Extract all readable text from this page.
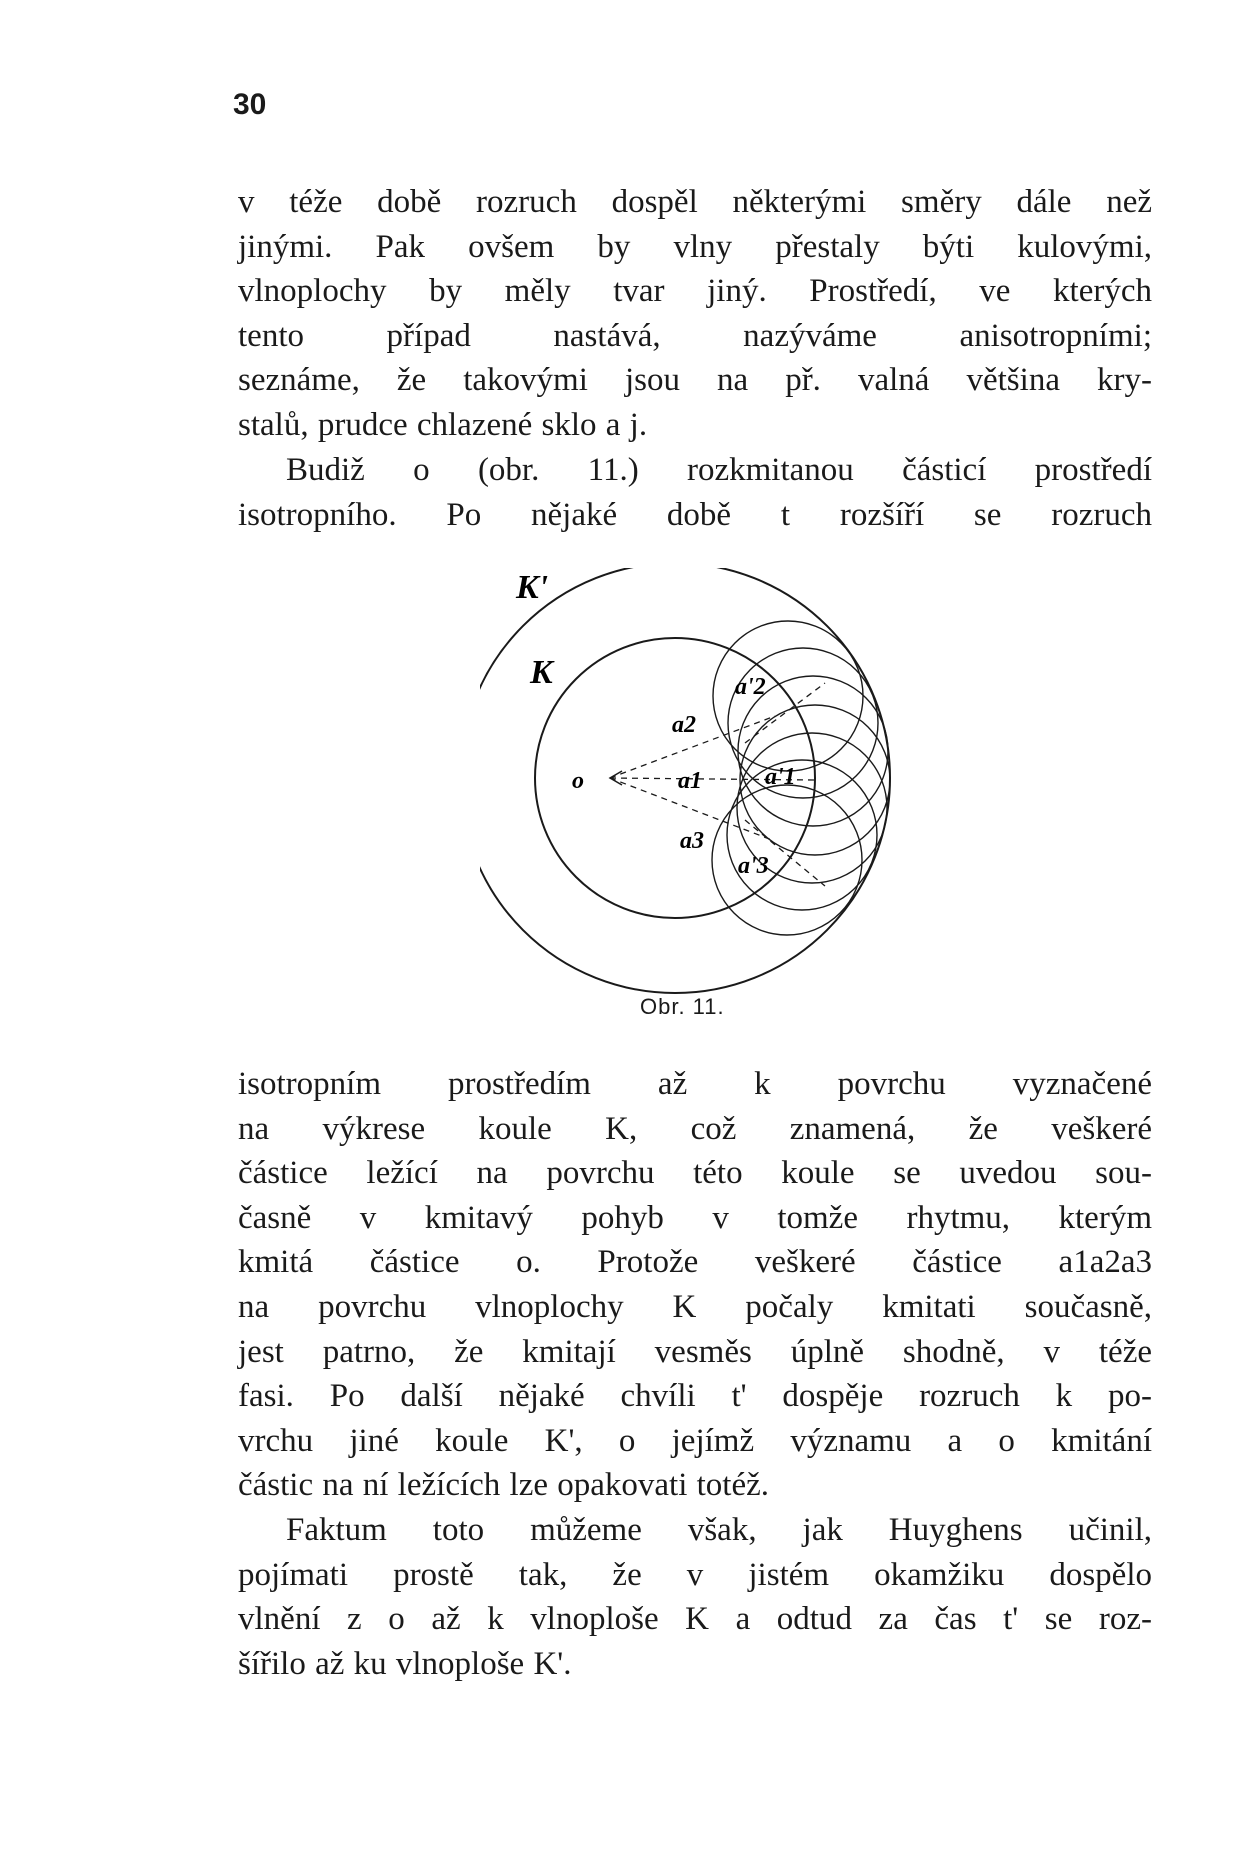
30
v téže době rozruch dospěl některými směry dále než
jinými. Pak ovšem by vlny přestaly býti kulovými,
vlnoplochy by měly tvar jiný. Prostředí, ve kterých
tento případ nastává, nazýváme anisotropními;
seznáme, že takovými jsou na př. valná většina kry-
stalů, prudce chlazené sklo a j.
Budiž o (obr. 11.) rozkmitanou částicí prostředí
isotropního. Po nějaké době t rozšíří se rozruch
K'
K
o
a2
a1
a3
a'2
a'1
a'3
Obr. 11.
isotropním prostředím až k povrchu vyznačené
na výkrese koule K, což znamená, že veškeré
částice ležící na povrchu této koule se uvedou sou-
časně v kmitavý pohyb v tomže rhytmu, kterým
kmitá částice o. Protože veškeré částice a1a2a3
na povrchu vlnoplochy K počaly kmitati současně,
jest patrno, že kmitají vesměs úplně shodně, v téže
fasi. Po další nějaké chvíli t' dospěje rozruch k po-
vrchu jiné koule K', o jejímž významu a o kmitání
částic na ní ležících lze opakovati totéž.
Faktum toto můžeme však, jak Huyghens učinil,
pojímati prostě tak, že v jistém okamžiku dospělo
vlnění z o až k vlnoploše K a odtud za čas t' se roz-
šířilo až ku vlnoploše K'.
